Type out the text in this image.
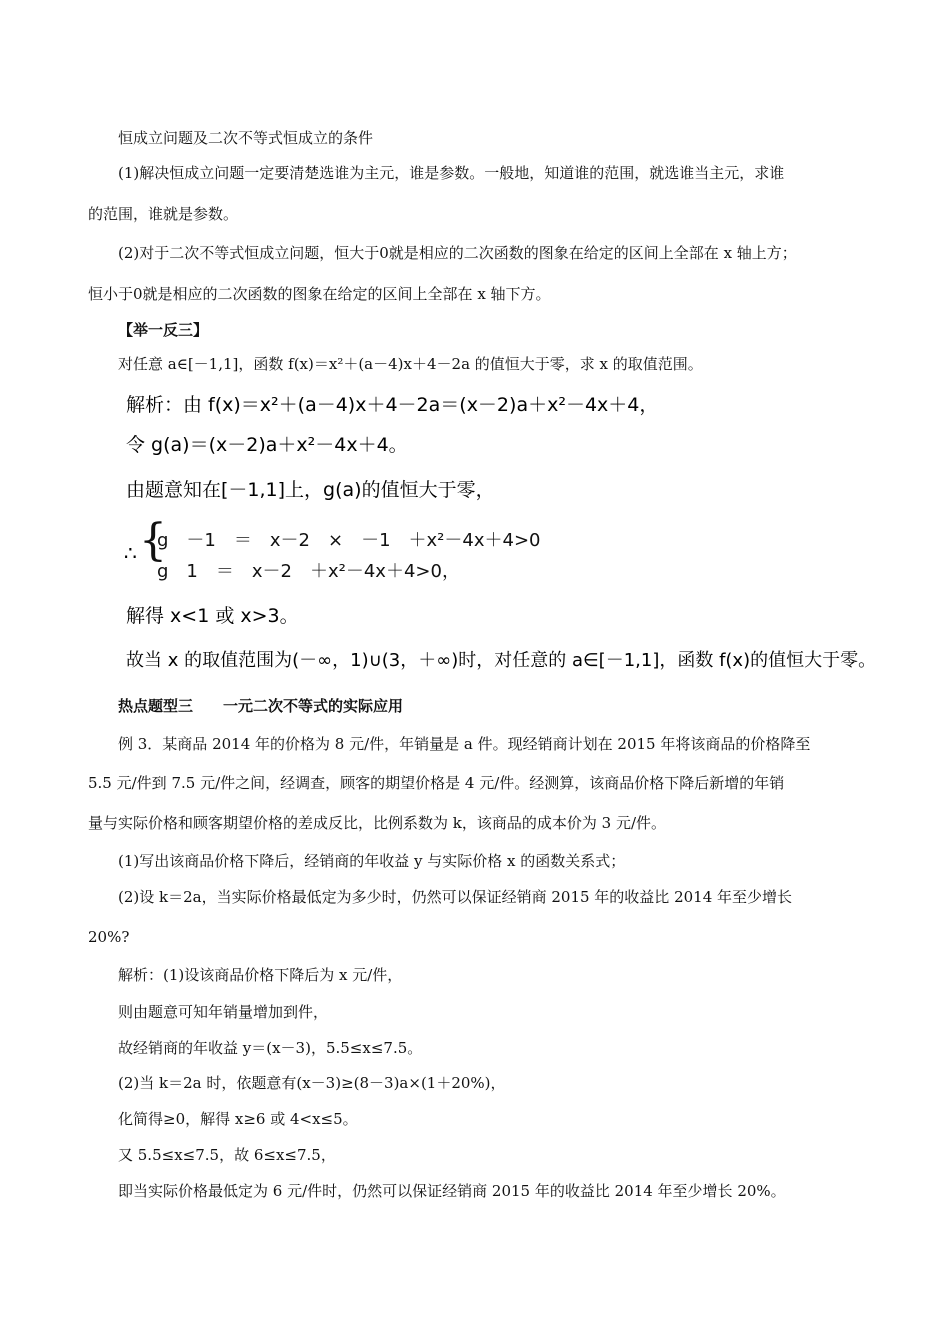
恒成立问题及二次不等式恒成立的条件
(1)解决恒成立问题一定要清楚选谁为主元，谁是参数。一般地，知道谁的范围，就选谁当主元，求谁
的范围，谁就是参数。
(2)对于二次不等式恒成立问题，恒大于0就是相应的二次函数的图象在给定的区间上全部在 x 轴上方；
恒小于0就是相应的二次函数的图象在给定的区间上全部在 x 轴下方。
【举一反三】
对任意 a∈[－1,1]，函数 f(x)＝x²＋(a－4)x＋4－2a 的值恒大于零，求 x 的取值范围。
解析：由 f(x)＝x²＋(a－4)x＋4－2a＝(x－2)a＋x²－4x＋4，
令 g(a)＝(x－2)a＋x²－4x＋4。
由题意知在[－1,1]上，g(a)的值恒大于零，
∴ {
g　－1　＝　x－2　×　－1　＋x²－4x＋4>0
g　1　＝　x－2　＋x²－4x＋4>0，
解得 x<1 或 x>3。
故当 x 的取值范围为(－∞，1)∪(3，＋∞)时，对任意的 a∈[－1,1]，函数 f(x)的值恒大于零。
热点题型三　　一元二次不等式的实际应用
例 3．某商品 2014 年的价格为 8 元/件，年销量是 a 件。现经销商计划在 2015 年将该商品的价格降至
5.5 元/件到 7.5 元/件之间，经调查，顾客的期望价格是 4 元/件。经测算，该商品价格下降后新增的年销
量与实际价格和顾客期望价格的差成反比，比例系数为 k，该商品的成本价为 3 元/件。
(1)写出该商品价格下降后，经销商的年收益 y 与实际价格 x 的函数关系式；
(2)设 k＝2a，当实际价格最低定为多少时，仍然可以保证经销商 2015 年的收益比 2014 年至少增长
20%?
解析：(1)设该商品价格下降后为 x 元/件，
则由题意可知年销量增加到件，
故经销商的年收益 y＝(x－3)，5.5≤x≤7.5。
(2)当 k＝2a 时，依题意有(x－3)≥(8－3)a×(1＋20%)，
化简得≥0，解得 x≥6 或 4<x≤5。
又 5.5≤x≤7.5，故 6≤x≤7.5，
即当实际价格最低定为 6 元/件时，仍然可以保证经销商 2015 年的收益比 2014 年至少增长 20%。
